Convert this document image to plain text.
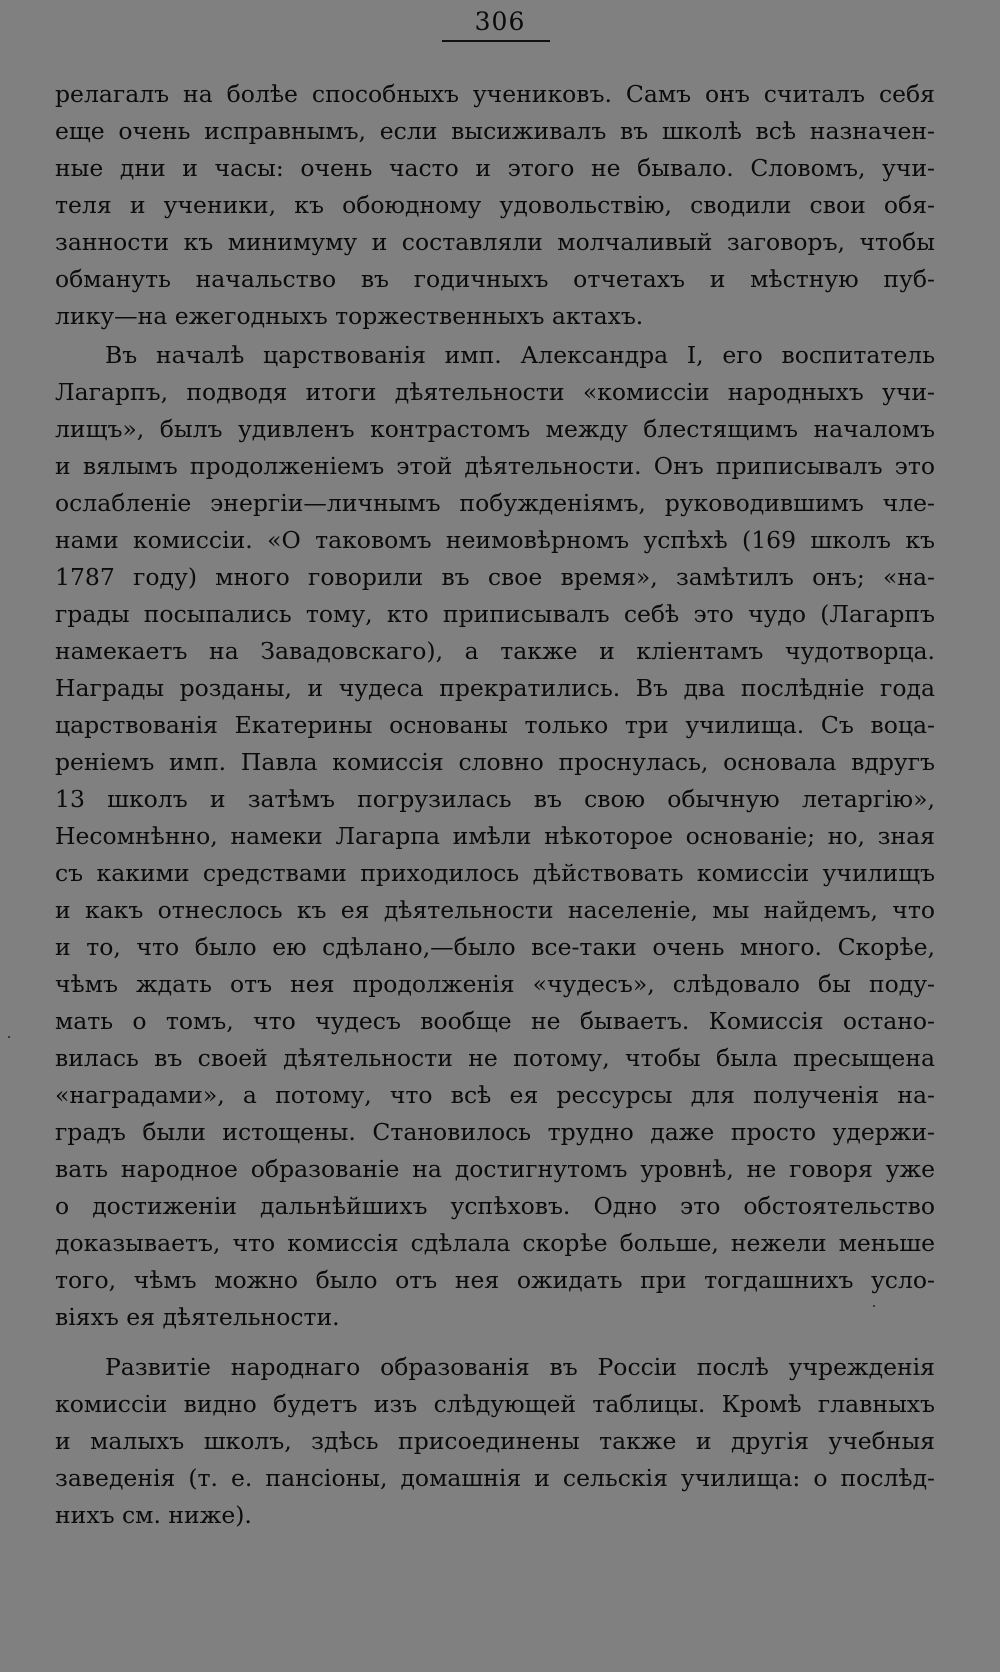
306
релагалъ на болѣе способныхъ учениковъ. Самъ онъ считалъ себя
еще очень исправнымъ, если высиживалъ въ школѣ всѣ назначен-
ные дни и часы: очень часто и этого не бывало. Словомъ, учи-
теля и ученики, къ обоюдному удовольствію, сводили свои обя-
занности къ минимуму и составляли молчаливый заговоръ, чтобы
обмануть начальство въ годичныхъ отчетахъ и мѣстную пуб-
лику—на ежегодныхъ торжественныхъ актахъ.
Въ началѣ царствованія имп. Александра I, его воспитатель
Лагарпъ, подводя итоги дѣятельности «комиссіи народныхъ учи-
лищъ», былъ удивленъ контрастомъ между блестящимъ началомъ
и вялымъ продолженіемъ этой дѣятельности. Онъ приписывалъ это
ослабленіе энергіи—личнымъ побужденіямъ, руководившимъ чле-
нами комиссіи. «О таковомъ неимовѣрномъ успѣхѣ (169 школъ къ
1787 году) много говорили въ свое время», замѣтилъ онъ; «на-
грады посыпались тому, кто приписывалъ себѣ это чудо (Лагарпъ
намекаетъ на Завадовскаго), а также и кліентамъ чудотворца.
Награды розданы, и чудеса прекратились. Въ два послѣдніе года
царствованія Екатерины основаны только три училища. Съ воца-
реніемъ имп. Павла комиссія словно проснулась, основала вдругъ
13 школъ и затѣмъ погрузилась въ свою обычную летаргію»,
Несомнѣнно, намеки Лагарпа имѣли нѣкоторое основаніе; но, зная
съ какими средствами приходилось дѣйствовать комиссіи училищъ
и какъ отнеслось къ ея дѣятельности населеніе, мы найдемъ, что
и то, что было ею сдѣлано,—было все-таки очень много. Скорѣе,
чѣмъ ждать отъ нея продолженія «чудесъ», слѣдовало бы поду-
мать о томъ, что чудесъ вообще не бываетъ. Комиссія остано-
вилась въ своей дѣятельности не потому, чтобы была пресыщена
«наградами», а потому, что всѣ ея рессурсы для полученія на-
градъ были истощены. Становилось трудно даже просто удержи-
вать народное образованіе на достигнутомъ уровнѣ, не говоря уже
о достиженіи дальнѣйшихъ успѣховъ. Одно это обстоятельство
доказываетъ, что комиссія сдѣлала скорѣе больше, нежели меньше
того, чѣмъ можно было отъ нея ожидать при тогдашнихъ усло-
віяхъ ея дѣятельности.
Развитіе народнаго образованія въ Россіи послѣ учрежденія
комиссіи видно будетъ изъ слѣдующей таблицы. Кромѣ главныхъ
и малыхъ школъ, здѣсь присоединены также и другія учебныя
заведенія (т. е. пансіоны, домашнія и сельскія училища: о послѣд-
нихъ см. ниже).
